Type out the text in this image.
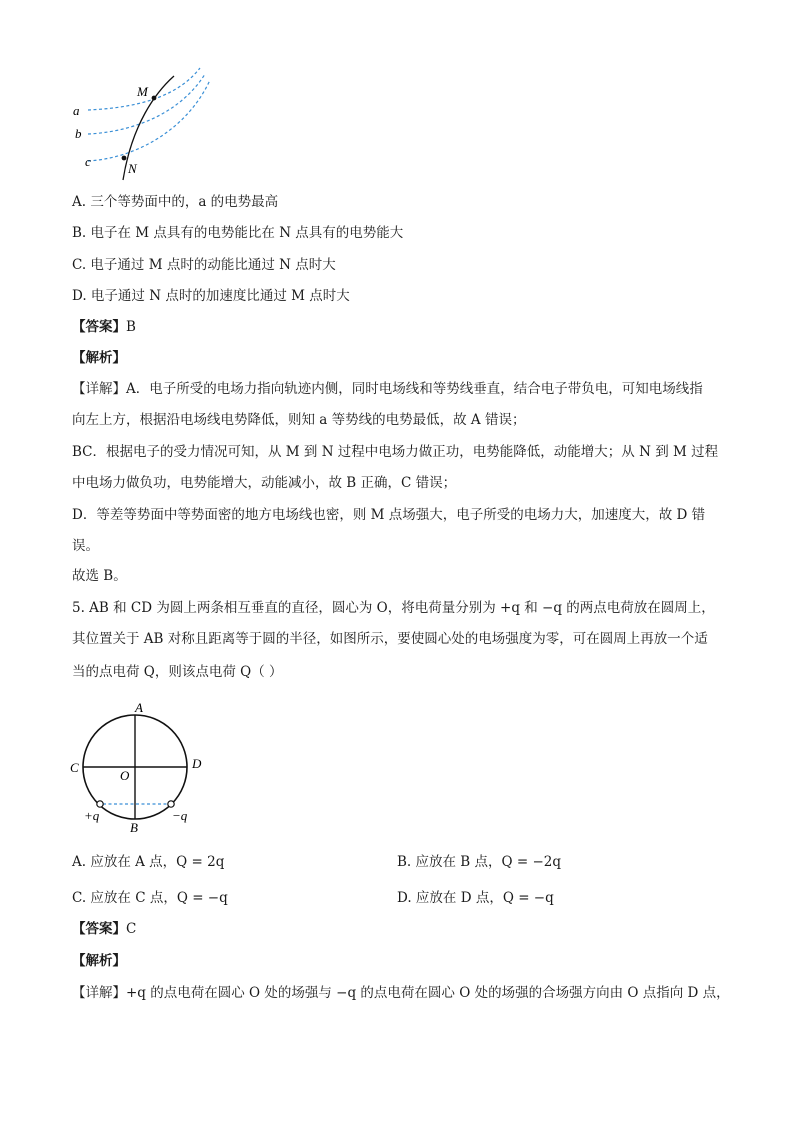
M
N
a
b
c
A. 三个等势面中的，a 的电势最高
B. 电子在 M 点具有的电势能比在 N 点具有的电势能大
C. 电子通过 M 点时的动能比通过 N 点时大
D. 电子通过 N 点时的加速度比通过 M 点时大
【答案】B
【解析】
【详解】A．电子所受的电场力指向轨迹内侧，同时电场线和等势线垂直，结合电子带负电，可知电场线指
向左上方，根据沿电场线电势降低，则知 a 等势线的电势最低，故 A 错误；
BC．根据电子的受力情况可知，从 M 到 N 过程中电场力做正功，电势能降低，动能增大；从 N 到 M 过程
中电场力做负功，电势能增大，动能减小，故 B 正确，C 错误；
D．等差等势面中等势面密的地方电场线也密，则 M 点场强大，电子所受的电场力大，加速度大，故 D 错
误。
故选 B。
5. AB 和 CD 为圆上两条相互垂直的直径，圆心为 O，将电荷量分别为 +q 和 −q 的两点电荷放在圆周上，
其位置关于 AB 对称且距离等于圆的半径，如图所示，要使圆心处的电场强度为零，可在圆周上再放一个适
当的点电荷 Q，则该点电荷 Q（ ）
A
B
C	D
O
+q	−q
A. 应放在 A 点，Q = 2q	B. 应放在 B 点，Q = −2q
C. 应放在 C 点，Q = −q	D. 应放在 D 点，Q = −q
【答案】C
【解析】
【详解】+q 的点电荷在圆心 O 处的场强与 −q 的点电荷在圆心 O 处的场强的合场强方向由 O 点指向 D 点，
